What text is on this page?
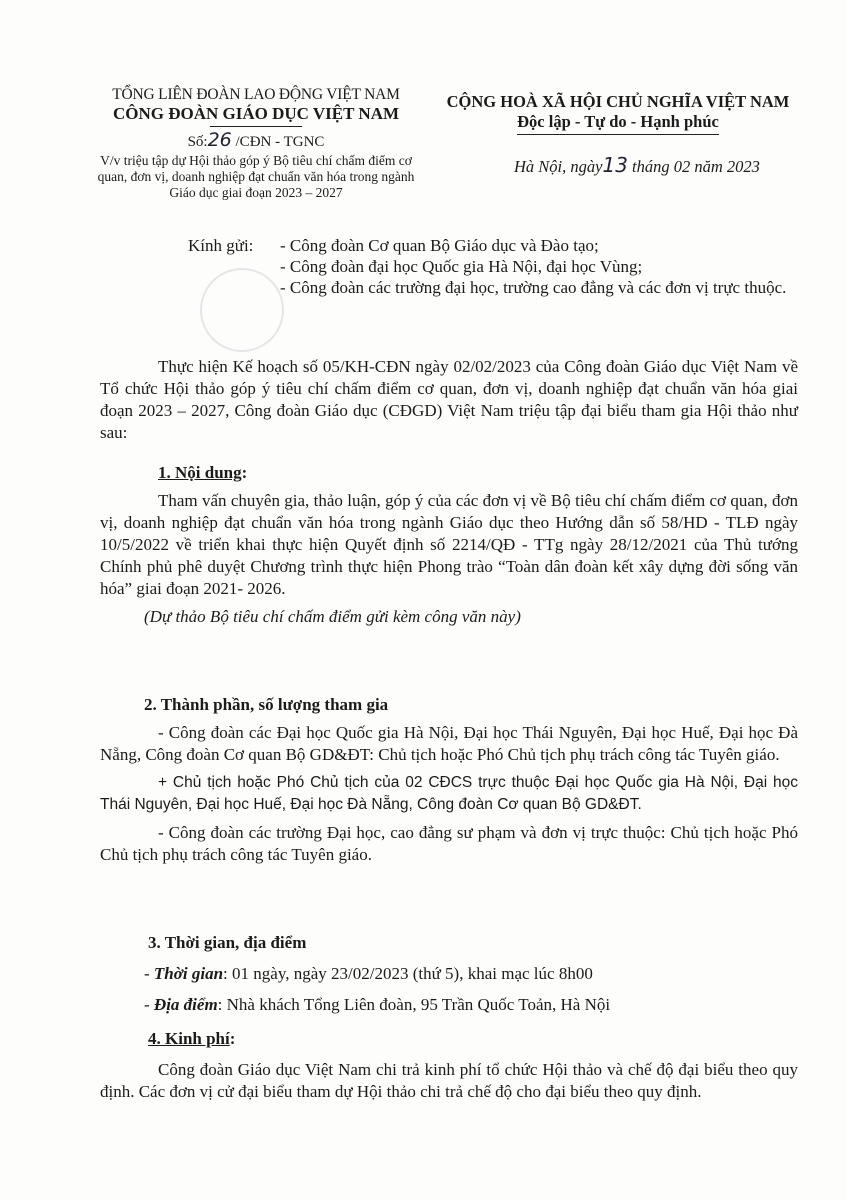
TỔNG LIÊN ĐOÀN LAO ĐỘNG VIỆT NAM
CÔNG ĐOÀN GIÁO DỤC VIỆT NAM
Số:26 /CĐN - TGNC
V/v triệu tập dự Hội thảo góp ý Bộ tiêu chí chấm điểm cơ quan, đơn vị, doanh nghiệp đạt chuẩn văn hóa trong ngành Giáo dục giai đoạn 2023 – 2027
CỘNG HOÀ XÃ HỘI CHỦ NGHĨA VIỆT NAM
Độc lập - Tự do - Hạnh phúc
Hà Nội, ngày13 tháng 02 năm 2023
Kính gửi: - Công đoàn Cơ quan Bộ Giáo dục và Đào tạo;
- Công đoàn đại học Quốc gia Hà Nội, đại học Vùng;
- Công đoàn các trường đại học, trường cao đẳng và các đơn vị trực thuộc.

Thực hiện Kế hoạch số 05/KH-CĐN ngày 02/02/2023 của Công đoàn Giáo dục Việt Nam về Tổ chức Hội thảo góp ý tiêu chí chấm điểm cơ quan, đơn vị, doanh nghiệp đạt chuẩn văn hóa giai đoạn 2023 – 2027, Công đoàn Giáo dục (CĐGD) Việt Nam triệu tập đại biểu tham gia Hội thảo như sau:

1. Nội dung:

Tham vấn chuyên gia, thảo luận, góp ý của các đơn vị về Bộ tiêu chí chấm điểm cơ quan, đơn vị, doanh nghiệp đạt chuẩn văn hóa trong ngành Giáo dục theo Hướng dẫn số 58/HD - TLĐ ngày 10/5/2022 về triển khai thực hiện Quyết định số 2214/QĐ - TTg ngày 28/12/2021 của Thủ tướng Chính phủ phê duyệt Chương trình thực hiện Phong trào “Toàn dân đoàn kết xây dựng đời sống văn hóa” giai đoạn 2021- 2026.

(Dự thảo Bộ tiêu chí chấm điểm gửi kèm công văn này)

2. Thành phần, số lượng tham gia

- Công đoàn các Đại học Quốc gia Hà Nội, Đại học Thái Nguyên, Đại học Huế, Đại học Đà Nẵng, Công đoàn Cơ quan Bộ GD&ĐT: Chủ tịch hoặc Phó Chủ tịch phụ trách công tác Tuyên giáo.

+ Chủ tịch hoặc Phó Chủ tịch của 02 CĐCS trực thuộc Đại học Quốc gia Hà Nội, Đại học Thái Nguyên, Đại học Huế, Đại học Đà Nẵng, Công đoàn Cơ quan Bộ GD&ĐT.

- Công đoàn các trường Đại học, cao đẳng sư phạm và đơn vị trực thuộc: Chủ tịch hoặc Phó Chủ tịch phụ trách công tác Tuyên giáo.

3. Thời gian, địa điểm

- Thời gian: 01 ngày, ngày 23/02/2023 (thứ 5), khai mạc lúc 8h00

- Địa điểm: Nhà khách Tổng Liên đoàn, 95 Trần Quốc Toản, Hà Nội

4. Kinh phí:

Công đoàn Giáo dục Việt Nam chi trả kinh phí tổ chức Hội thảo và chế độ đại biểu theo quy định. Các đơn vị cử đại biểu tham dự Hội thảo chi trả chế độ cho đại biểu theo quy định.
